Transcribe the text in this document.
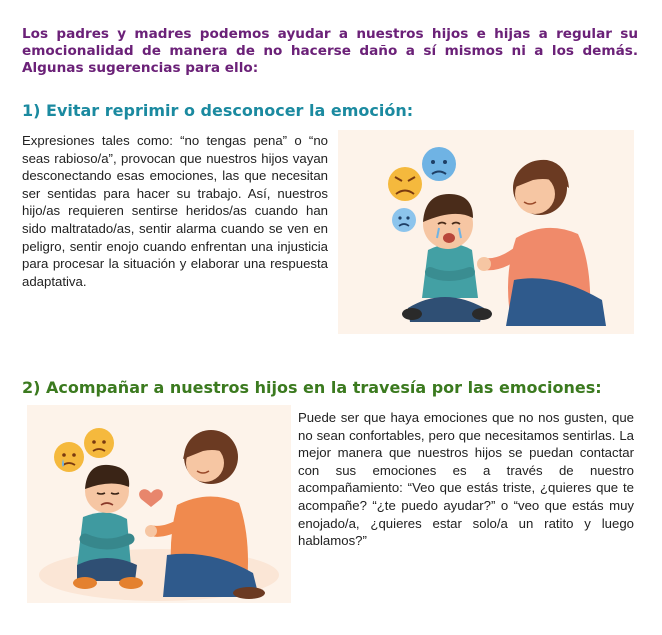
Los padres y madres podemos ayudar a nuestros hijos e hijas a regular su emocionalidad de manera de no hacerse daño a sí mismos ni a los demás. Algunas sugerencias para ello:

1) Evitar reprimir o desconocer la emoción:

Expresiones tales como: “no tengas pena” o “no seas rabioso/a”, provocan que nuestros hijos vayan desconectando esas emociones, las que necesitan ser sentidas para hacer su trabajo. Así, nuestros hijo/as requieren sentirse heridos/as cuando han sido maltratado/as, sentir alarma cuando se ven en peligro, sentir enojo cuando enfrentan una injusticia para procesar la situación y elaborar una respuesta adaptativa.

2) Acompañar a nuestros hijos en la travesía por las emociones:

Puede ser que haya emociones que no nos gusten, que no sean confortables, pero que necesitamos sentirlas. La mejor manera que nuestros hijos se puedan contactar con sus emociones es a través de nuestro acompañamiento: “Veo que estás triste, ¿quieres que te acompañe? “¿te puedo ayudar?” o “veo que estás muy enojado/a, ¿quieres estar solo/a un ratito y luego hablamos?”
